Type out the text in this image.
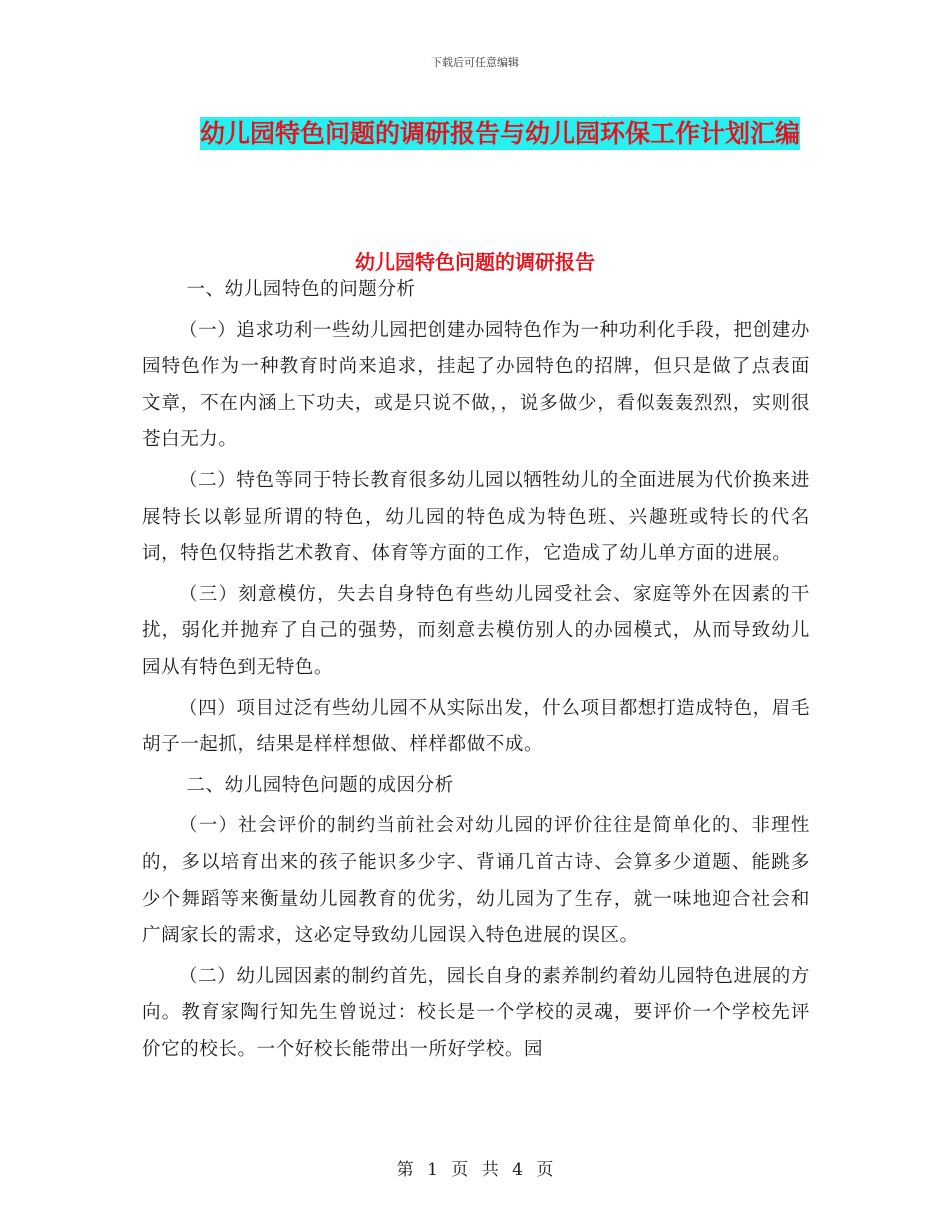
下载后可任意编辑
幼儿园特色问题的调研报告与幼儿园环保工作计划汇编
幼儿园特色问题的调研报告

一、幼儿园特色的问题分析

（一）追求功利一些幼儿园把创建办园特色作为一种功利化手段，把创建办园特色作为一种教育时尚来追求，挂起了办园特色的招牌，但只是做了点表面文章，不在内涵上下功夫，或是只说不做，，说多做少，看似轰轰烈烈，实则很苍白无力。

（二）特色等同于特长教育很多幼儿园以牺牲幼儿的全面进展为代价换来进展特长以彰显所谓的特色，幼儿园的特色成为特色班、兴趣班或特长的代名词，特色仅特指艺术教育、体育等方面的工作，它造成了幼儿单方面的进展。

（三）刻意模仿，失去自身特色有些幼儿园受社会、家庭等外在因素的干扰，弱化并抛弃了自己的强势，而刻意去模仿别人的办园模式，从而导致幼儿园从有特色到无特色。

（四）项目过泛有些幼儿园不从实际出发，什么项目都想打造成特色，眉毛胡子一起抓，结果是样样想做、样样都做不成。

二、幼儿园特色问题的成因分析

（一）社会评价的制约当前社会对幼儿园的评价往往是简单化的、非理性的，多以培育出来的孩子能识多少字、背诵几首古诗、会算多少道题、能跳多少个舞蹈等来衡量幼儿园教育的优劣，幼儿园为了生存，就一味地迎合社会和广阔家长的需求，这必定导致幼儿园误入特色进展的误区。

（二）幼儿园因素的制约首先，园长自身的素养制约着幼儿园特色进展的方向。教育家陶行知先生曾说过：校长是一个学校的灵魂，要评价一个学校先评价它的校长。一个好校长能带出一所好学校。园

第 1 页 共 4 页
